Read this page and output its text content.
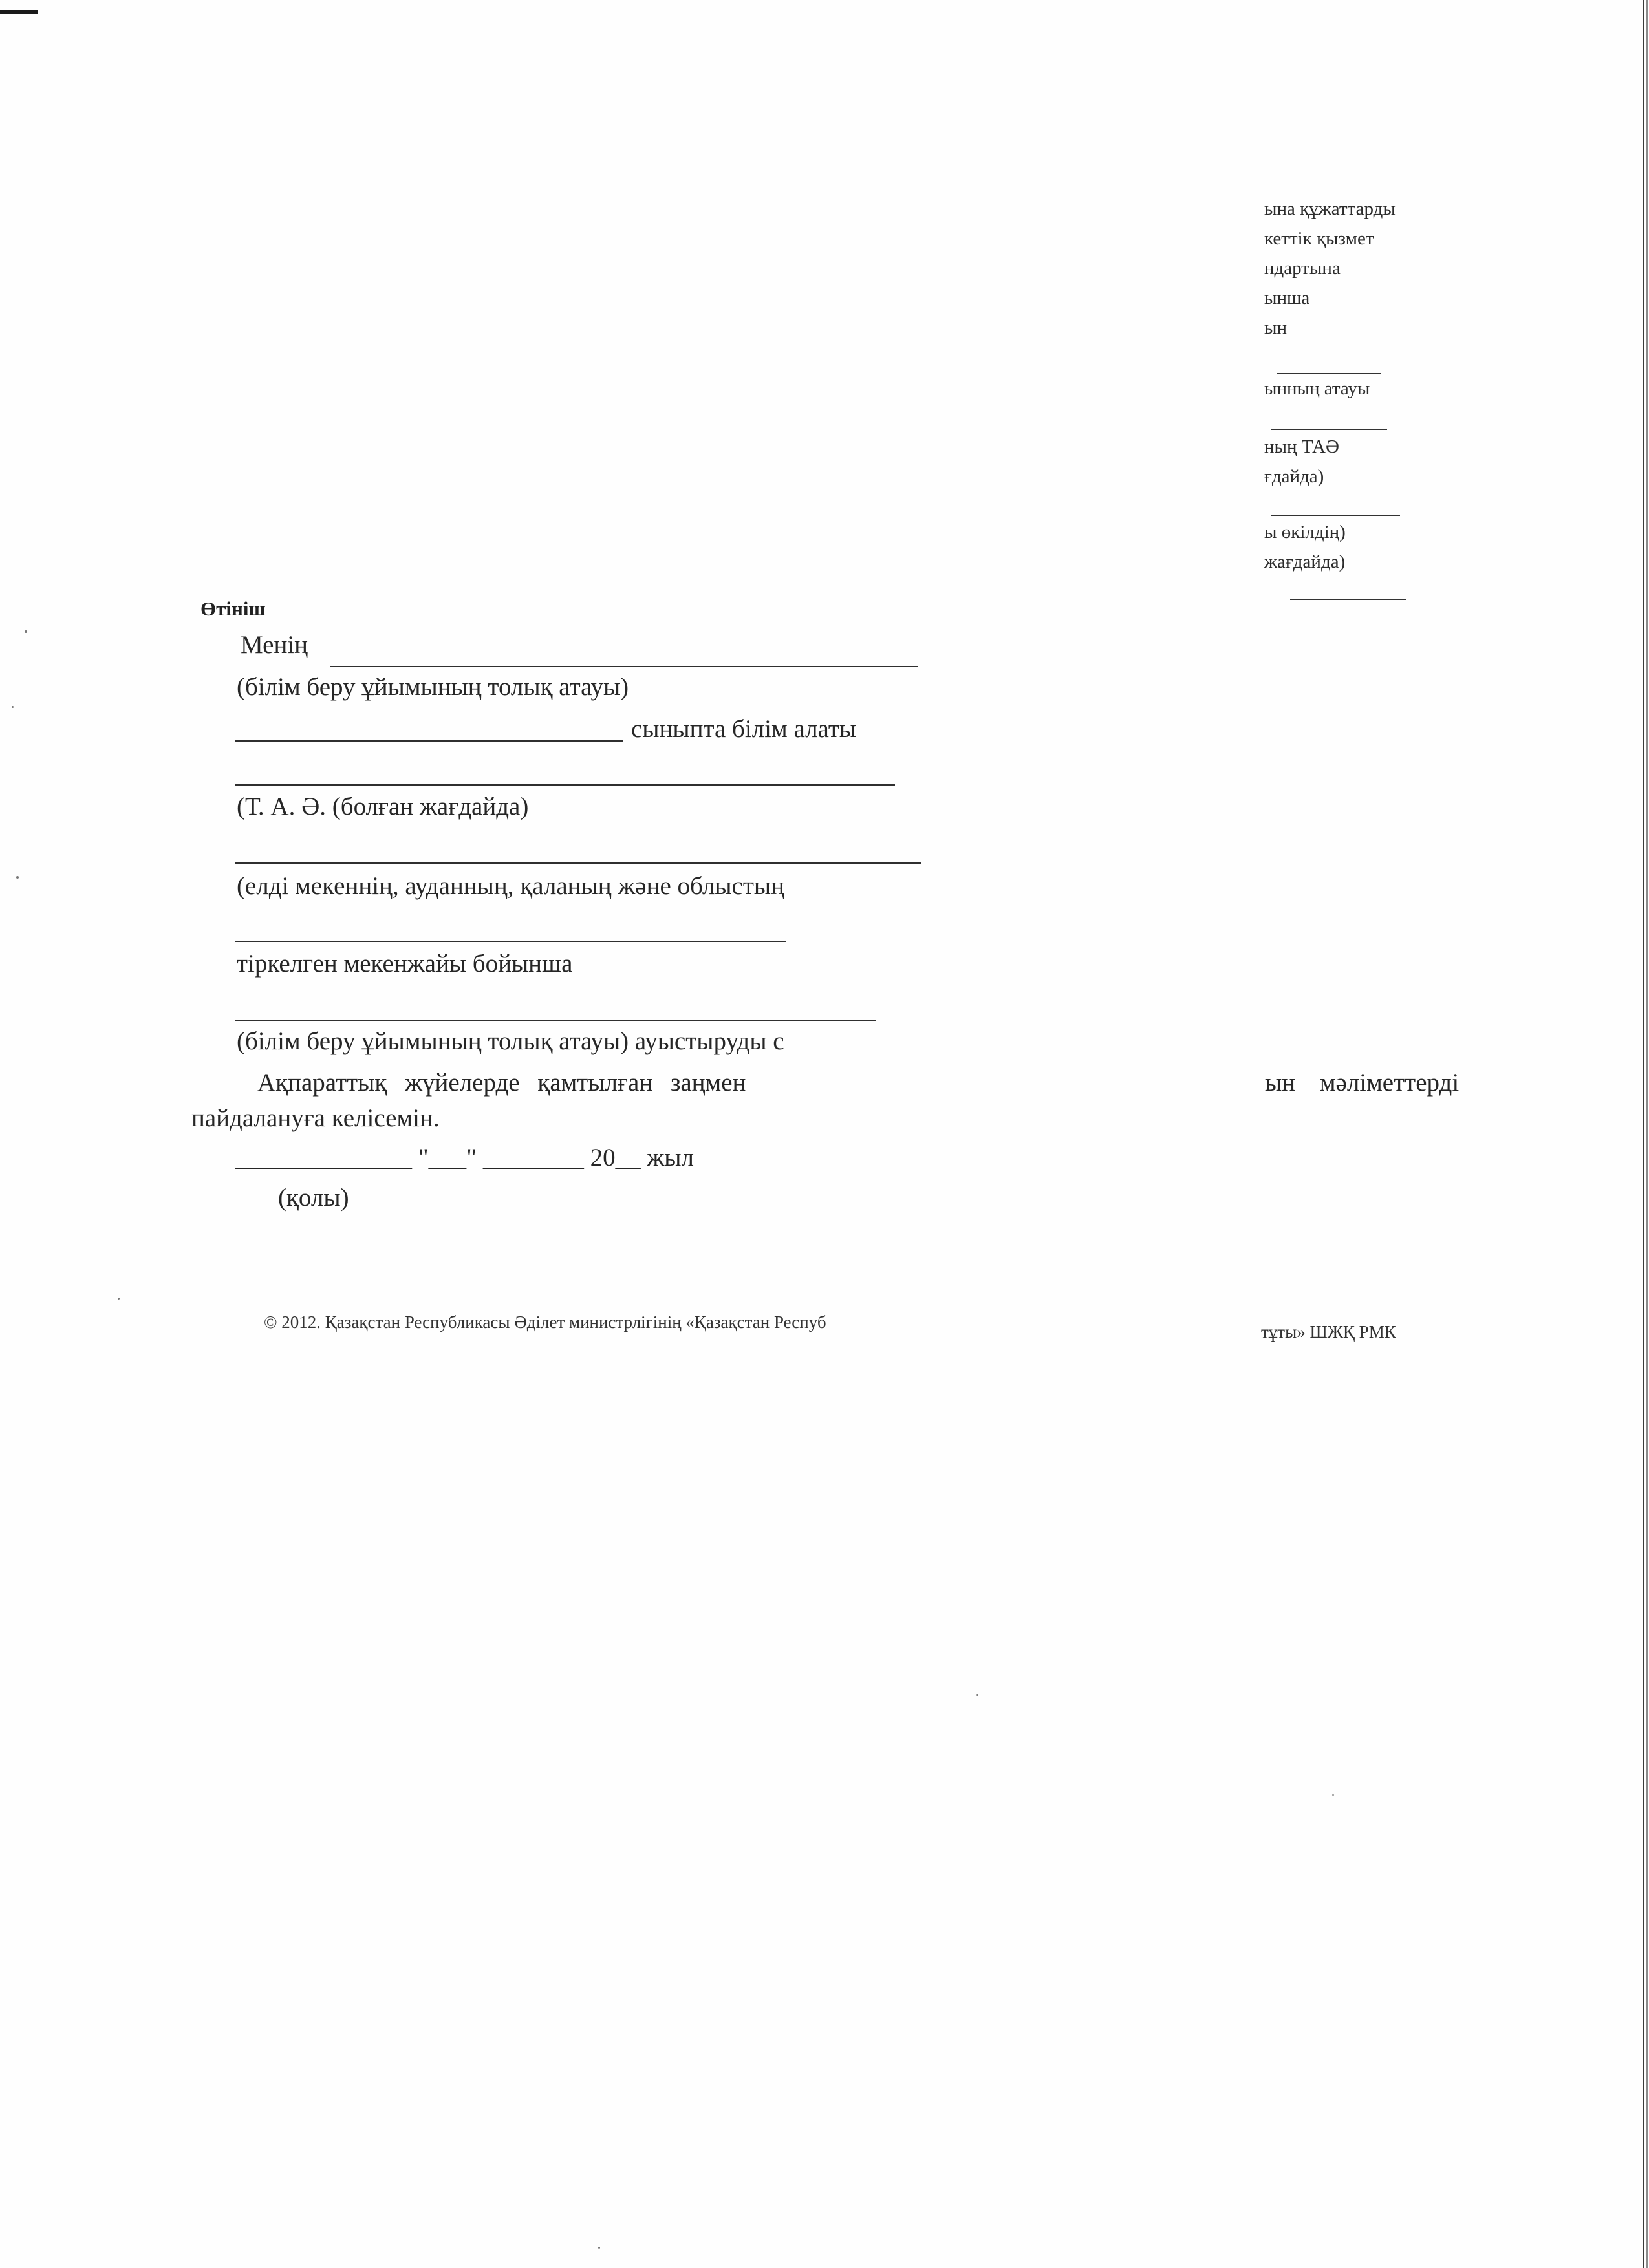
ына құжаттарды
кеттік қызмет
ндартына
ынша
ын
ынның атауы
ның ТАӘ
ғдайда)
ы өкілдің)
жағдайда)
Өтініш
Менің
(білім беру ұйымының толық атауы)
сыныпта білім алаты
(Т. А. Ә. (болған жағдайда)
(елді мекеннің, ауданның, қаланың және облыстың
тіркелген мекенжайы бойынша
(білім беру ұйымының толық атауы) ауыстыруды с
Ақпараттық жүйелерде қамтылған заңмен	ын мәліметтерді
пайдалануға келісемін.
______________ "___" ________ 20__ жыл
(қолы)
© 2012. Қазақстан Республикасы Әділет министрлігінің «Қазақстан Респуб	тұты» ШЖҚ РМК
